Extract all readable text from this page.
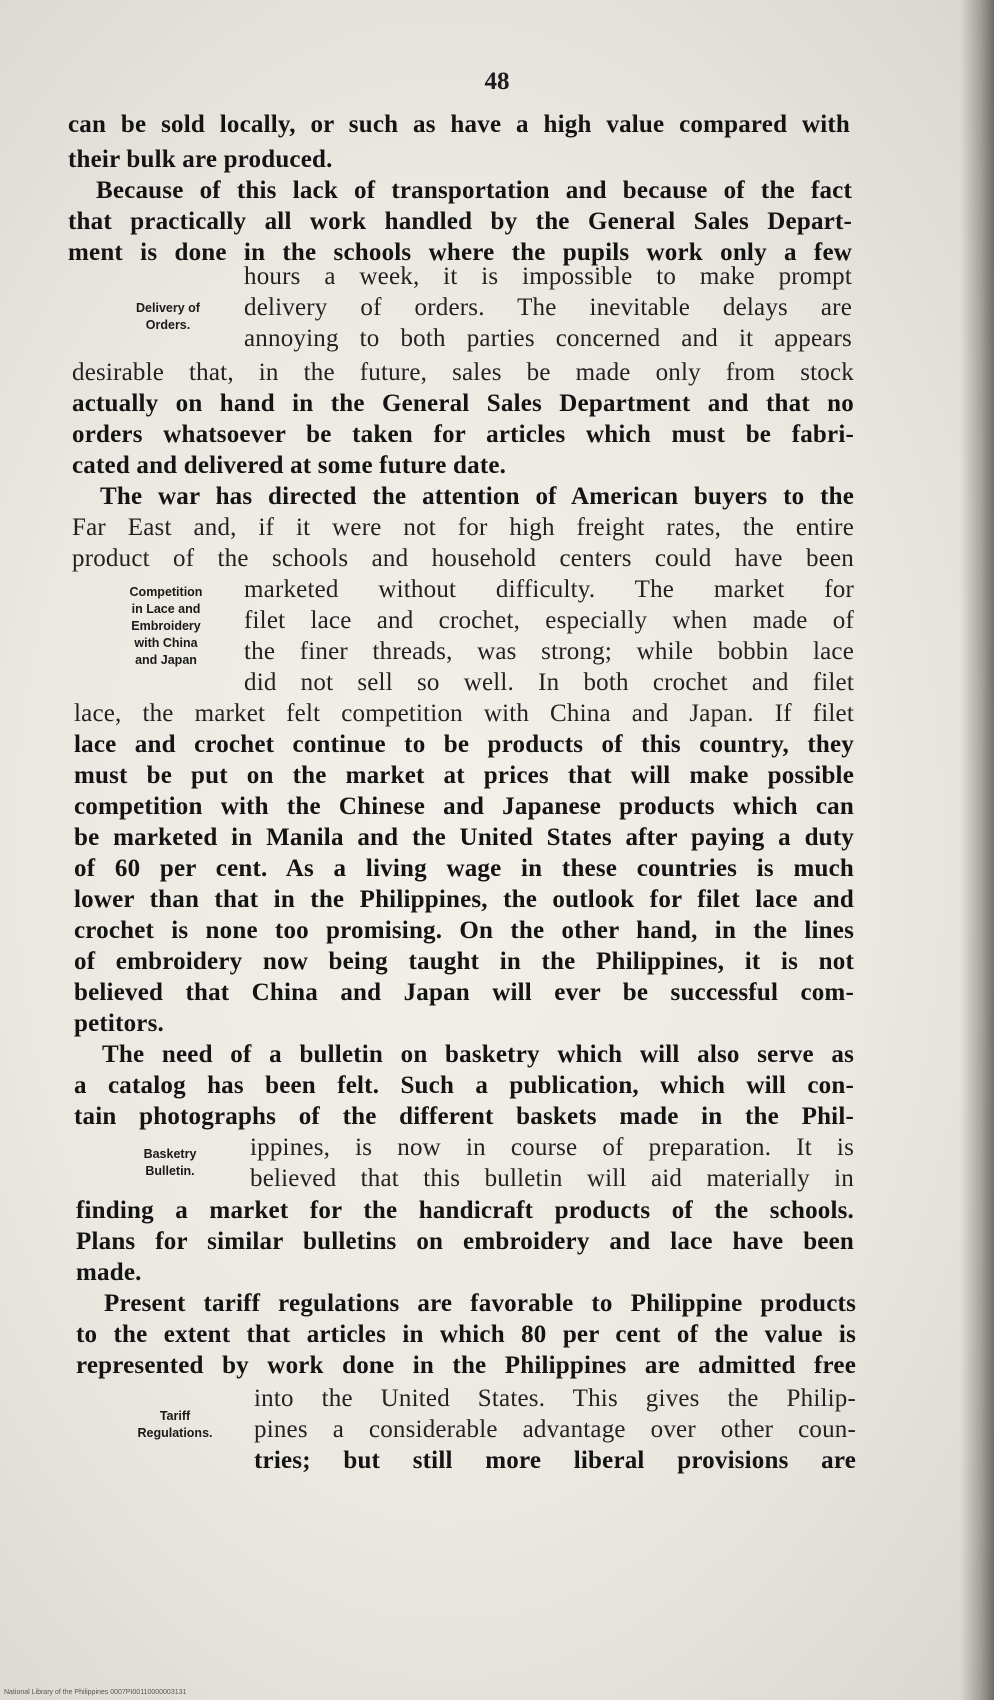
48
can be sold locally, or such as have a high value compared with
their bulk are produced.
Because of this lack of transportation and because of the fact
that practically all work handled by the General Sales Depart-
ment is done in the schools where the pupils work only a few
hours a week, it is impossible to make prompt
delivery of orders. The inevitable delays are
annoying to both parties concerned and it appears
desirable that, in the future, sales be made only from stock
actually on hand in the General Sales Department and that no
orders whatsoever be taken for articles which must be fabri-
cated and delivered at some future date.
The war has directed the attention of American buyers to the
Far East and, if it were not for high freight rates, the entire
product of the schools and household centers could have been
marketed without difficulty. The market for
filet lace and crochet, especially when made of
the finer threads, was strong; while bobbin lace
did not sell so well. In both crochet and filet
lace, the market felt competition with China and Japan. If filet
lace and crochet continue to be products of this country, they
must be put on the market at prices that will make possible
competition with the Chinese and Japanese products which can
be marketed in Manila and the United States after paying a duty
of 60 per cent. As a living wage in these countries is much
lower than that in the Philippines, the outlook for filet lace and
crochet is none too promising. On the other hand, in the lines
of embroidery now being taught in the Philippines, it is not
believed that China and Japan will ever be successful com-
petitors.
The need of a bulletin on basketry which will also serve as
a catalog has been felt. Such a publication, which will con-
tain photographs of the different baskets made in the Phil-
ippines, is now in course of preparation. It is
believed that this bulletin will aid materially in
finding a market for the handicraft products of the schools.
Plans for similar bulletins on embroidery and lace have been
made.
Present tariff regulations are favorable to Philippine products
to the extent that articles in which 80 per cent of the value is
represented by work done in the Philippines are admitted free
into the United States. This gives the Philip-
pines a considerable advantage over other coun-
tries; but still more liberal provisions are
Delivery of
Orders.
Competition
in Lace and
Embroidery
with China
and Japan
Basketry
Bulletin.
Tariff
Regulations.
National Library of the Philippines 0007PI00110000003131
